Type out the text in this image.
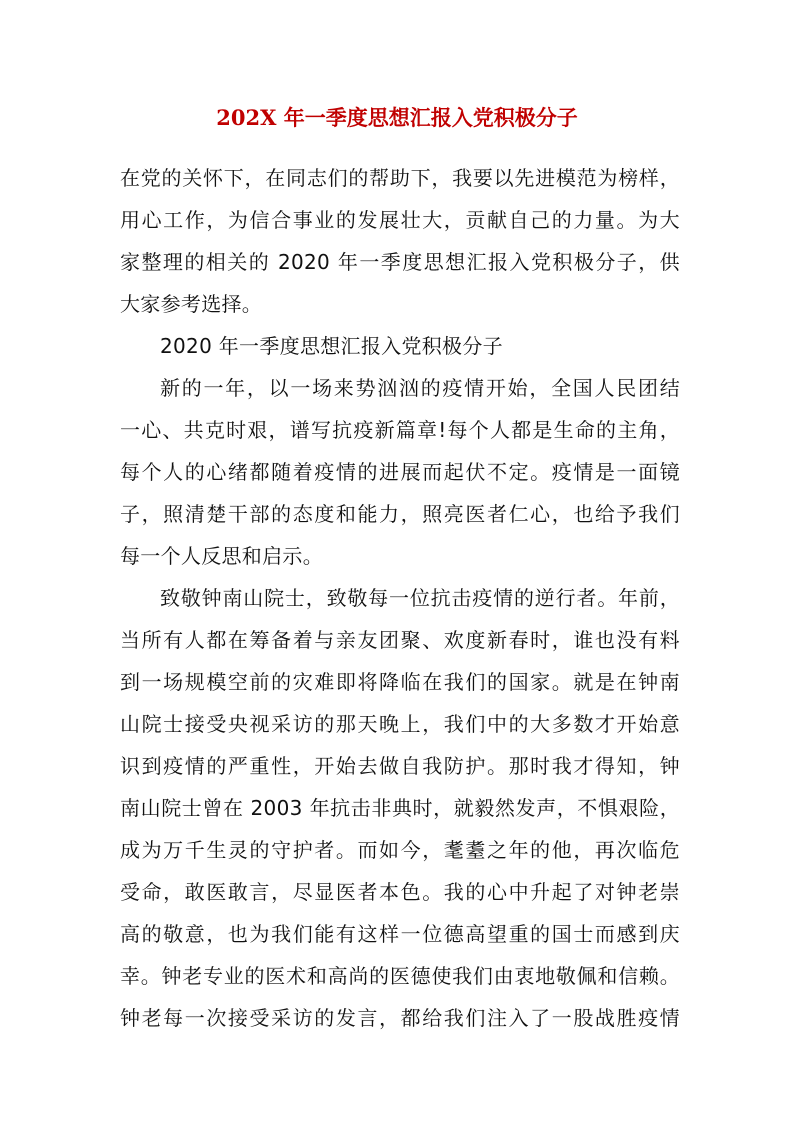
202X 年一季度思想汇报入党积极分子
在党的关怀下，在同志们的帮助下，我要以先进模范为榜样，
用心工作，为信合事业的发展壮大，贡献自己的力量。为大
家整理的相关的 2020 年一季度思想汇报入党积极分子，供
大家参考选择。
2020 年一季度思想汇报入党积极分子
新的一年，以一场来势汹汹的疫情开始，全国人民团结
一心、共克时艰，谱写抗疫新篇章!每个人都是生命的主角，
每个人的心绪都随着疫情的进展而起伏不定。疫情是一面镜
子，照清楚干部的态度和能力，照亮医者仁心，也给予我们
每一个人反思和启示。
致敬钟南山院士，致敬每一位抗击疫情的逆行者。年前，
当所有人都在筹备着与亲友团聚、欢度新春时，谁也没有料
到一场规模空前的灾难即将降临在我们的国家。就是在钟南
山院士接受央视采访的那天晚上，我们中的大多数才开始意
识到疫情的严重性，开始去做自我防护。那时我才得知，钟
南山院士曾在 2003 年抗击非典时，就毅然发声，不惧艰险，
成为万千生灵的守护者。而如今，耄耋之年的他，再次临危
受命，敢医敢言，尽显医者本色。我的心中升起了对钟老崇
高的敬意，也为我们能有这样一位德高望重的国士而感到庆
幸。钟老专业的医术和高尚的医德使我们由衷地敬佩和信赖。
钟老每一次接受采访的发言，都给我们注入了一股战胜疫情
